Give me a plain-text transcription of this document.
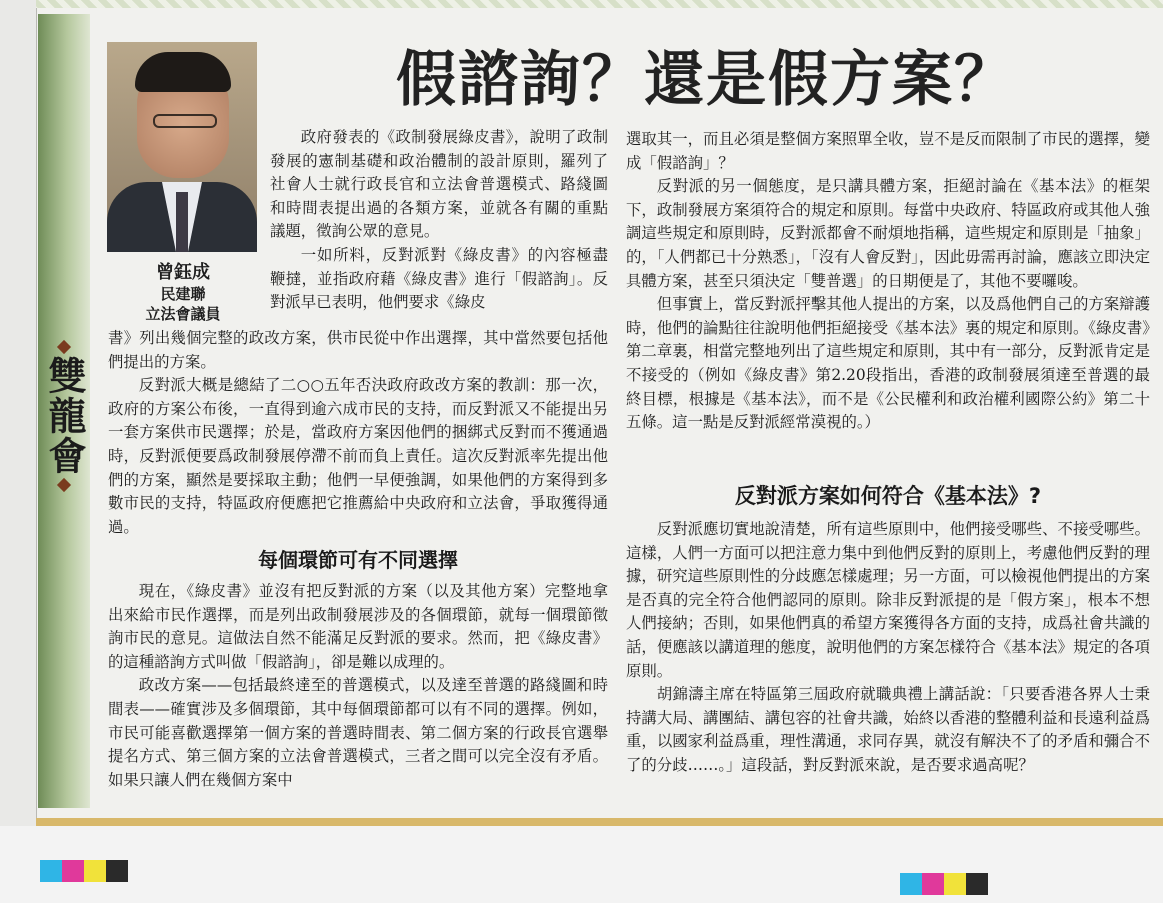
雙龍會
曾鈺成
民建聯
立法會議員
假諮詢？還是假方案？

政府發表的《政制發展綠皮書》，說明了政制發展的憲制基礎和政治體制的設計原則，羅列了社會人士就行政長官和立法會普選模式、路綫圖和時間表提出過的各類方案，並就各有關的重點議題，徵詢公眾的意見。

一如所料，反對派對《綠皮書》的內容極盡鞭撻，並指政府藉《綠皮書》進行「假諮詢」。反對派早已表明，他們要求《綠皮

書》列出幾個完整的政改方案，供市民從中作出選擇，其中當然要包括他們提出的方案。

反對派大概是總結了二○○五年否決政府政改方案的教訓：那一次，政府的方案公布後，一直得到逾六成市民的支持，而反對派又不能提出另一套方案供市民選擇；於是，當政府方案因他們的捆綁式反對而不獲通過時，反對派便要爲政制發展停滯不前而負上責任。這次反對派率先提出他們的方案，顯然是要採取主動；他們一早便強調，如果他們的方案得到多數市民的支持，特區政府便應把它推薦給中央政府和立法會，爭取獲得通過。

每個環節可有不同選擇

現在，《綠皮書》並沒有把反對派的方案（以及其他方案）完整地拿出來給市民作選擇，而是列出政制發展涉及的各個環節，就每一個環節徵詢市民的意見。這做法自然不能滿足反對派的要求。然而，把《綠皮書》的這種諮詢方式叫做「假諮詢」，卻是難以成理的。

政改方案——包括最終達至的普選模式，以及達至普選的路綫圖和時間表——確實涉及多個環節，其中每個環節都可以有不同的選擇。例如，市民可能喜歡選擇第一個方案的普選時間表、第二個方案的行政長官選舉提名方式、第三個方案的立法會普選模式，三者之間可以完全沒有矛盾。如果只讓人們在幾個方案中

選取其一，而且必須是整個方案照單全收，豈不是反而限制了市民的選擇，變成「假諮詢」？

反對派的另一個態度，是只講具體方案，拒絕討論在《基本法》的框架下，政制發展方案須符合的規定和原則。每當中央政府、特區政府或其他人強調這些規定和原則時，反對派都會不耐煩地指稱，這些規定和原則是「抽象」的，「人們都已十分熟悉」，「沒有人會反對」，因此毋需再討論，應該立即決定具體方案，甚至只須決定「雙普選」的日期便是了，其他不要囉唆。

但事實上，當反對派抨擊其他人提出的方案，以及爲他們自己的方案辯護時，他們的論點往往說明他們拒絕接受《基本法》裏的規定和原則。《綠皮書》第二章裏，相當完整地列出了這些規定和原則，其中有一部分，反對派肯定是不接受的（例如《綠皮書》第2.20段指出，香港的政制發展須達至普選的最終目標，根據是《基本法》，而不是《公民權利和政治權利國際公約》第二十五條。這一點是反對派經常漠視的。）

反對派方案如何符合《基本法》?

反對派應切實地說清楚，所有這些原則中，他們接受哪些、不接受哪些。這樣，人們一方面可以把注意力集中到他們反對的原則上，考慮他們反對的理據，研究這些原則性的分歧應怎樣處理；另一方面，可以檢視他們提出的方案是否真的完全符合他們認同的原則。除非反對派提的是「假方案」，根本不想人們接納；否則，如果他們真的希望方案獲得各方面的支持，成爲社會共識的話，便應該以講道理的態度，說明他們的方案怎樣符合《基本法》規定的各項原則。

胡錦濤主席在特區第三屆政府就職典禮上講話說：「只要香港各界人士秉持講大局、講團結、講包容的社會共識，始終以香港的整體利益和長遠利益爲重，以國家利益爲重，理性溝通，求同存異，就沒有解決不了的矛盾和彌合不了的分歧……。」這段話，對反對派來說，是否要求過高呢？
